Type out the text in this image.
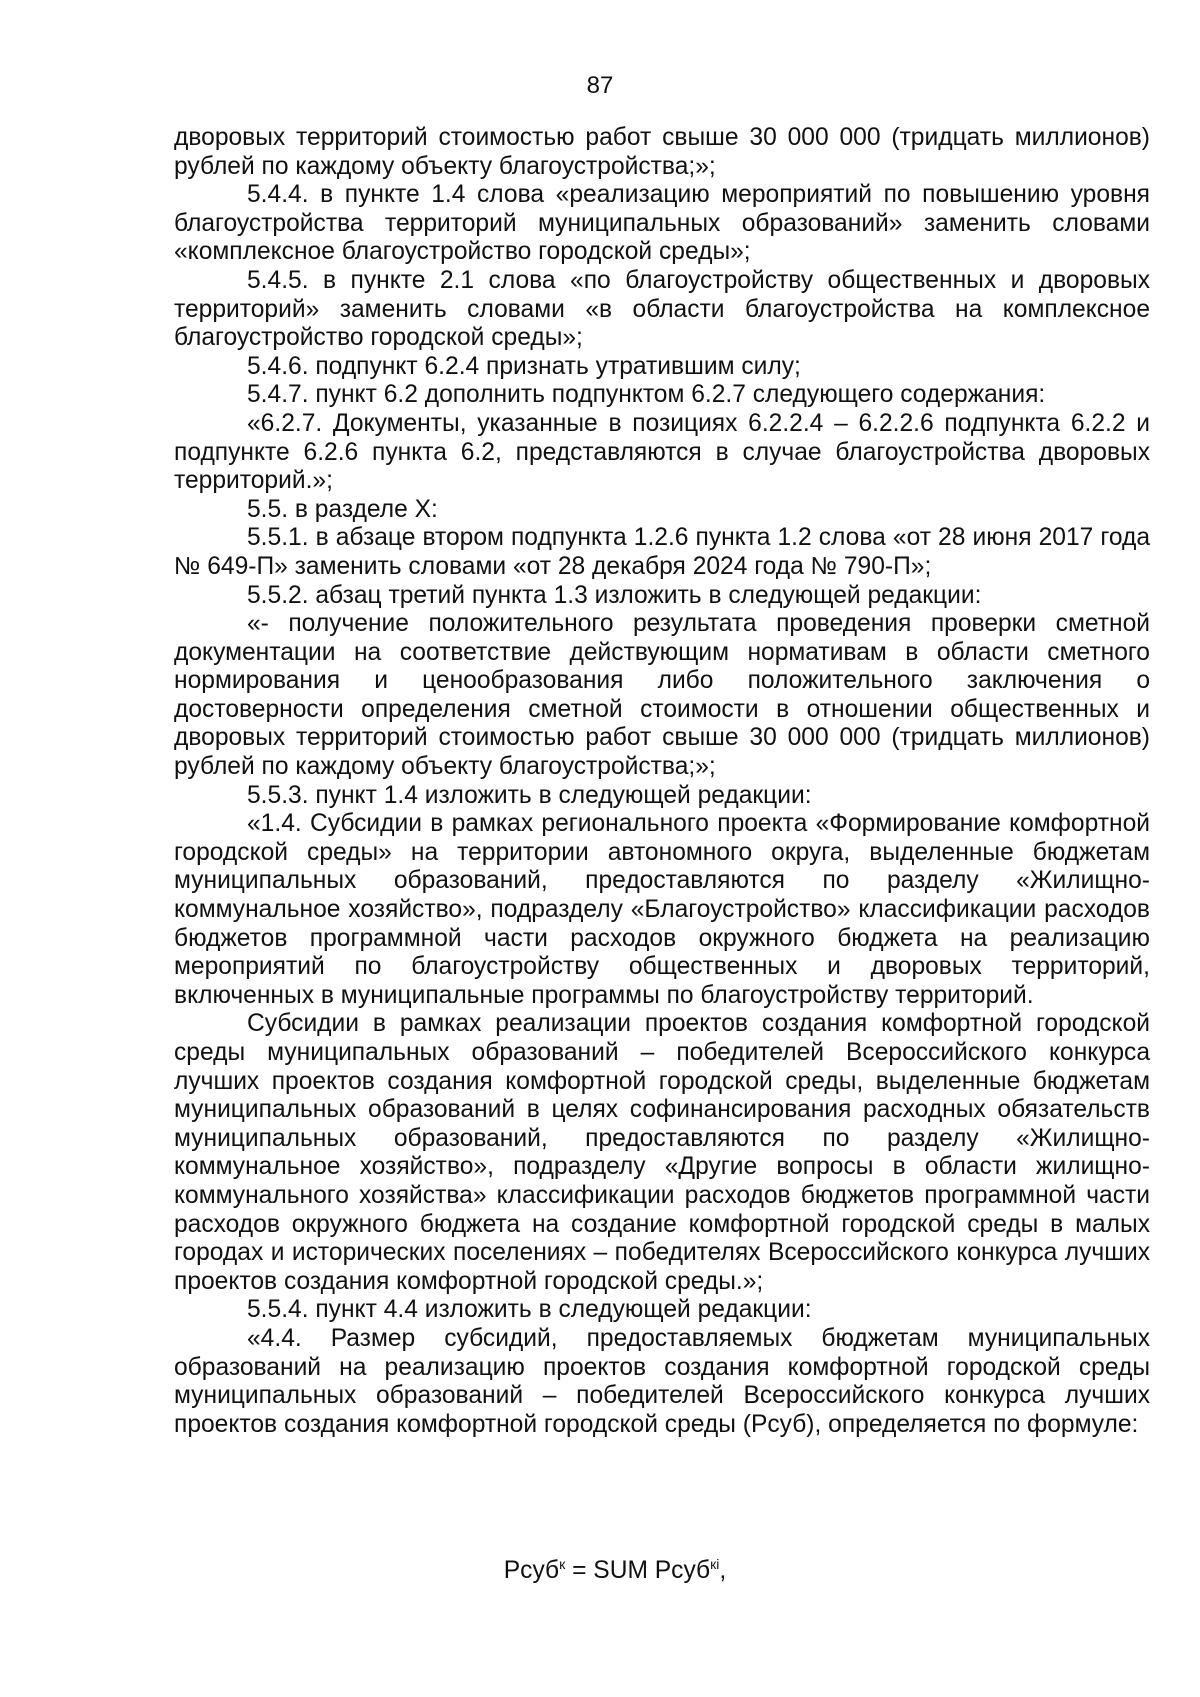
87

дворовых территорий стоимостью работ свыше 30 000 000 (тридцать миллионов) рублей по каждому объекту благоустройства;»;

5.4.4. в пункте 1.4 слова «реализацию мероприятий по повышению уровня благоустройства территорий муниципальных образований» заменить словами «комплексное благоустройство городской среды»;

5.4.5. в пункте 2.1 слова «по благоустройству общественных и дворовых территорий» заменить словами «в области благоустройства на комплексное благоустройство городской среды»;

5.4.6. подпункт 6.2.4 признать утратившим силу;

5.4.7. пункт 6.2 дополнить подпунктом 6.2.7 следующего содержания:

«6.2.7. Документы, указанные в позициях 6.2.2.4 – 6.2.2.6 подпункта 6.2.2 и подпункте 6.2.6 пункта 6.2, представляются в случае благоустройства дворовых территорий.»;

5.5. в разделе X:

5.5.1. в абзаце втором подпункта 1.2.6 пункта 1.2 слова «от 28 июня 2017 года № 649-П» заменить словами «от 28 декабря 2024 года № 790-П»;

5.5.2. абзац третий пункта 1.3 изложить в следующей редакции:

«- получение положительного результата проведения проверки сметной документации на соответствие действующим нормативам в области сметного нормирования и ценообразования либо положительного заключения о достоверности определения сметной стоимости в отношении общественных и дворовых территорий стоимостью работ свыше 30 000 000 (тридцать миллионов) рублей по каждому объекту благоустройства;»;

5.5.3. пункт 1.4 изложить в следующей редакции:

«1.4. Субсидии в рамках регионального проекта «Формирование комфортной городской среды» на территории автономного округа, выделенные бюджетам муниципальных образований, предоставляются по разделу «Жилищно-коммунальное хозяйство», подразделу «Благоустройство» классификации расходов бюджетов программной части расходов окружного бюджета на реализацию мероприятий по благоустройству общественных и дворовых территорий, включенных в муниципальные программы по благоустройству территорий.

Субсидии в рамках реализации проектов создания комфортной городской среды муниципальных образований – победителей Всероссийского конкурса лучших проектов создания комфортной городской среды, выделенные бюджетам муниципальных образований в целях софинансирования расходных обязательств муниципальных образований, предоставляются по разделу «Жилищно-коммунальное хозяйство», подразделу «Другие вопросы в области жилищно-коммунального хозяйства» классификации расходов бюджетов программной части расходов окружного бюджета на создание комфортной городской среды в малых городах и исторических поселениях – победителях Всероссийского конкурса лучших проектов создания комфортной городской среды.»;

5.5.4. пункт 4.4 изложить в следующей редакции:

«4.4. Размер субсидий, предоставляемых бюджетам муниципальных образований на реализацию проектов создания комфортной городской среды муниципальных образований – победителей Всероссийского конкурса лучших проектов создания комфортной городской среды (Рсуб), определяется по формуле:

Рсуб$^к$ = SUM Рсуб$^{кi}$,
